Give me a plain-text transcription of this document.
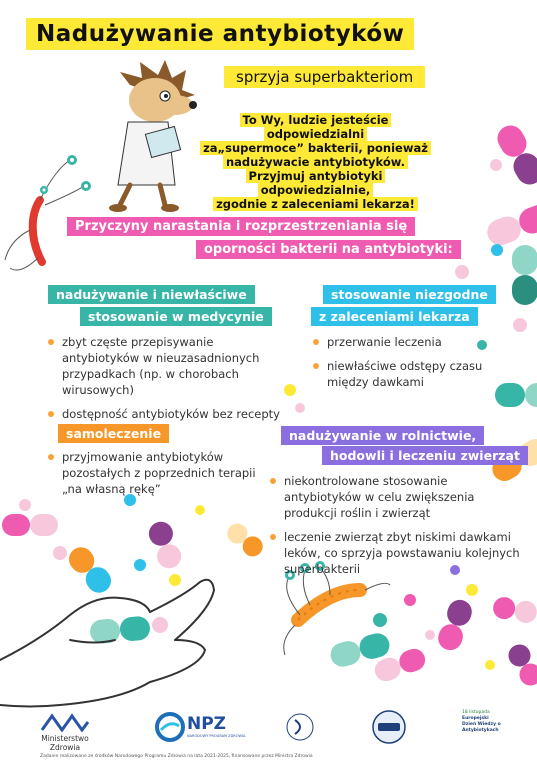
Nadużywanie antybiotyków
sprzyja superbakteriom
To Wy, ludzie jesteście odpowiedzialni
za„supermoce” bakterii, ponieważ
nadużywacie antybiotyków.
Przyjmuj antybiotyki odpowiedzialnie,
zgodnie z zaleceniami lekarza!
Przyczyny narastania i rozprzestrzeniania się
oporności bakterii na antybiotyki:
nadużywanie i niewłaściwe
stosowanie w medycynie
zbyt częste przepisywanie antybiotyków w nieuzasadnionych przypadkach (np. w chorobach wirusowych)
dostępność antybiotyków bez recepty
stosowanie niezgodne
z zaleceniami lekarza
przerwanie leczenia
niewłaściwe odstępy czasu między dawkami
samoleczenie
przyjmowanie antybiotyków pozostałych z poprzednich terapii „na własną rękę”
nadużywanie w rolnictwie,
hodowli i leczeniu zwierząt
niekontrolowane stosowanie antybiotyków w celu zwiększenia produkcji roślin i zwierząt
leczenie zwierząt zbyt niskimi dawkami leków, co sprzyja powstawaniu kolejnych superbakterii
Ministerstwo Zdrowia
NPZ
NARODOWY PROGRAM ZDROWIA
18 listopada
Europejski
Dzień Wiedzy o
Antybiotykach
Zadanie realizowane ze środków Narodowego Programu Zdrowia na lata 2021-2025, finansowane przez Ministra Zdrowia
